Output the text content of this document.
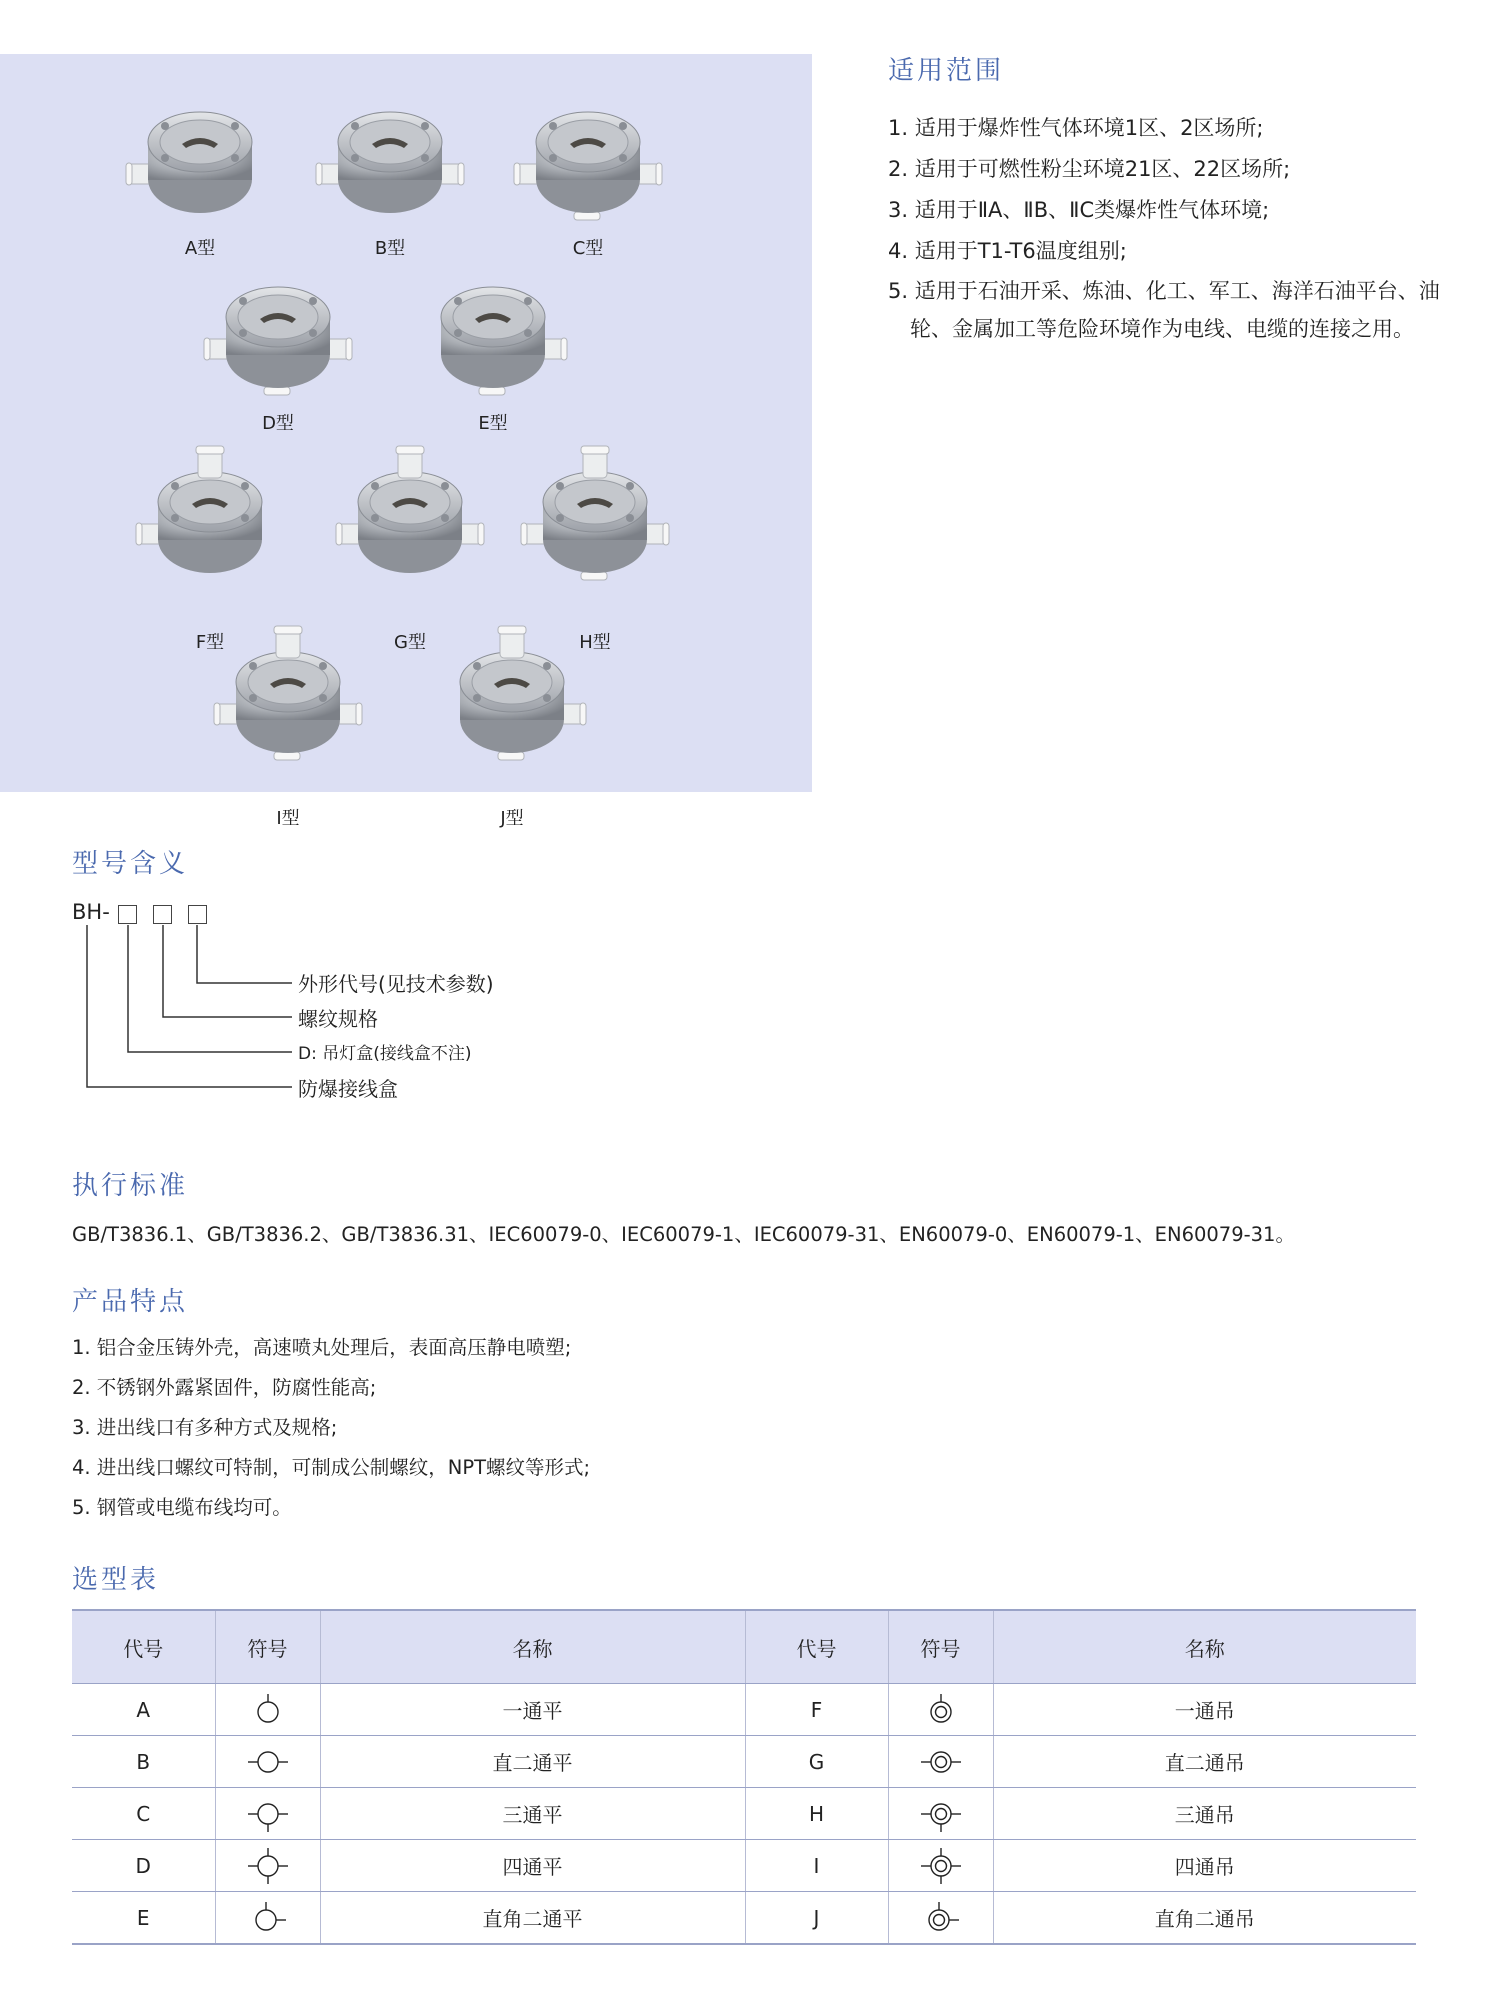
A型	B型	C型
D型	E型
F型	G型	H型
I型	J型
适用范围
1. 适用于爆炸性气体环境1区、2区场所;
2. 适用于可燃性粉尘环境21区、22区场所;
3. 适用于ⅡA、ⅡB、ⅡC类爆炸性气体环境;
4. 适用于T1-T6温度组别;
5. 适用于石油开采、炼油、化工、军工、海洋石油平台、油轮、金属加工等危险环境作为电线、电缆的连接之用。
型号含义
BH-
外形代号(见技术参数)
螺纹规格
D: 吊灯盒(接线盒不注)
防爆接线盒
执行标准
GB/T3836.1、GB/T3836.2、GB/T3836.31、IEC60079-0、IEC60079-1、IEC60079-31、EN60079-0、EN60079-1、EN60079-31。
产品特点
1. 铝合金压铸外壳，高速喷丸处理后，表面高压静电喷塑;
2. 不锈钢外露紧固件，防腐性能高;
3. 进出线口有多种方式及规格;
4. 进出线口螺纹可特制，可制成公制螺纹，NPT螺纹等形式;
5. 钢管或电缆布线均可。
选型表
代号	符号	名称	代号	符号	名称
A		一通平	F		一通吊
B		直二通平	G		直二通吊
C		三通平	H		三通吊
D		四通平	I		四通吊
E		直角二通平	J		直角二通吊
